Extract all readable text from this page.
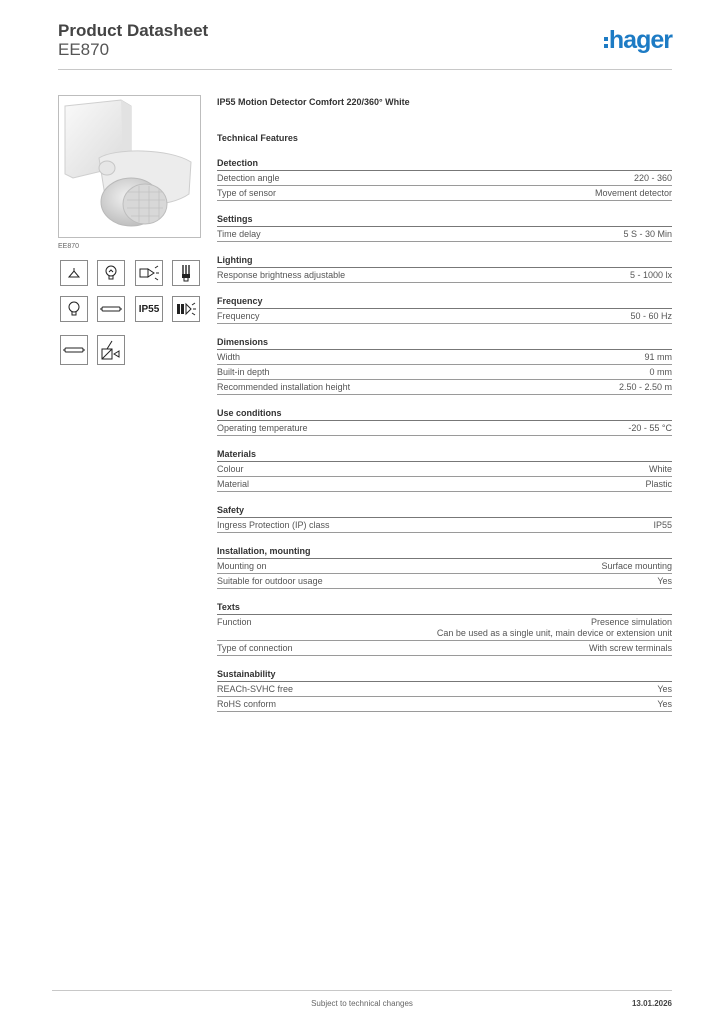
Product Datasheet
EE870	hager
EE870
IP55
IP55 Motion Detector Comfort 220/360° White
Technical Features
Detection
Detection angle	220 - 360
Type of sensor	Movement detector
Settings
Time delay	5 S - 30 Min
Lighting
Response brightness adjustable	5 - 1000 lx
Frequency
Frequency	50 - 60 Hz
Dimensions
Width	91 mm
Built-in depth	0 mm
Recommended installation height	2.50 - 2.50 m
Use conditions
Operating temperature	-20 - 55 °C
Materials
Colour	White
Material	Plastic
Safety
Ingress Protection (IP) class	IP55
Installation, mounting
Mounting on	Surface mounting
Suitable for outdoor usage	Yes
Texts
Function	Presence simulation
Can be used as a single unit, main device or extension unit
Type of connection	With screw terminals
Sustainability
REACh-SVHC free	Yes
RoHS conform	Yes
Subject to technical changes	13.01.2026
